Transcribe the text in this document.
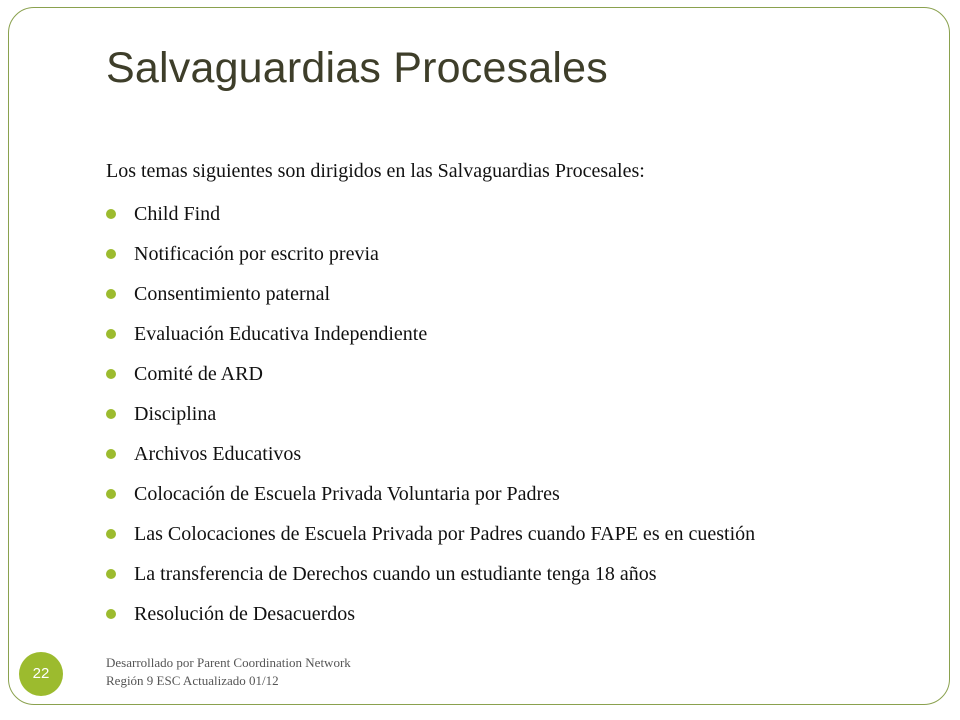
Salvaguardias Procesales

Los temas siguientes son dirigidos en las Salvaguardias Procesales:

Child Find
Notificación por escrito previa
Consentimiento paternal
Evaluación Educativa Independiente
Comité de ARD
Disciplina
Archivos Educativos
Colocación de Escuela Privada Voluntaria por Padres
Las Colocaciones de Escuela Privada por Padres cuando FAPE es en cuestión
La transferencia de Derechos cuando un estudiante tenga 18 años
Resolución de Desacuerdos
22
Desarrollado por Parent Coordination Network
Región 9 ESC Actualizado 01/12
